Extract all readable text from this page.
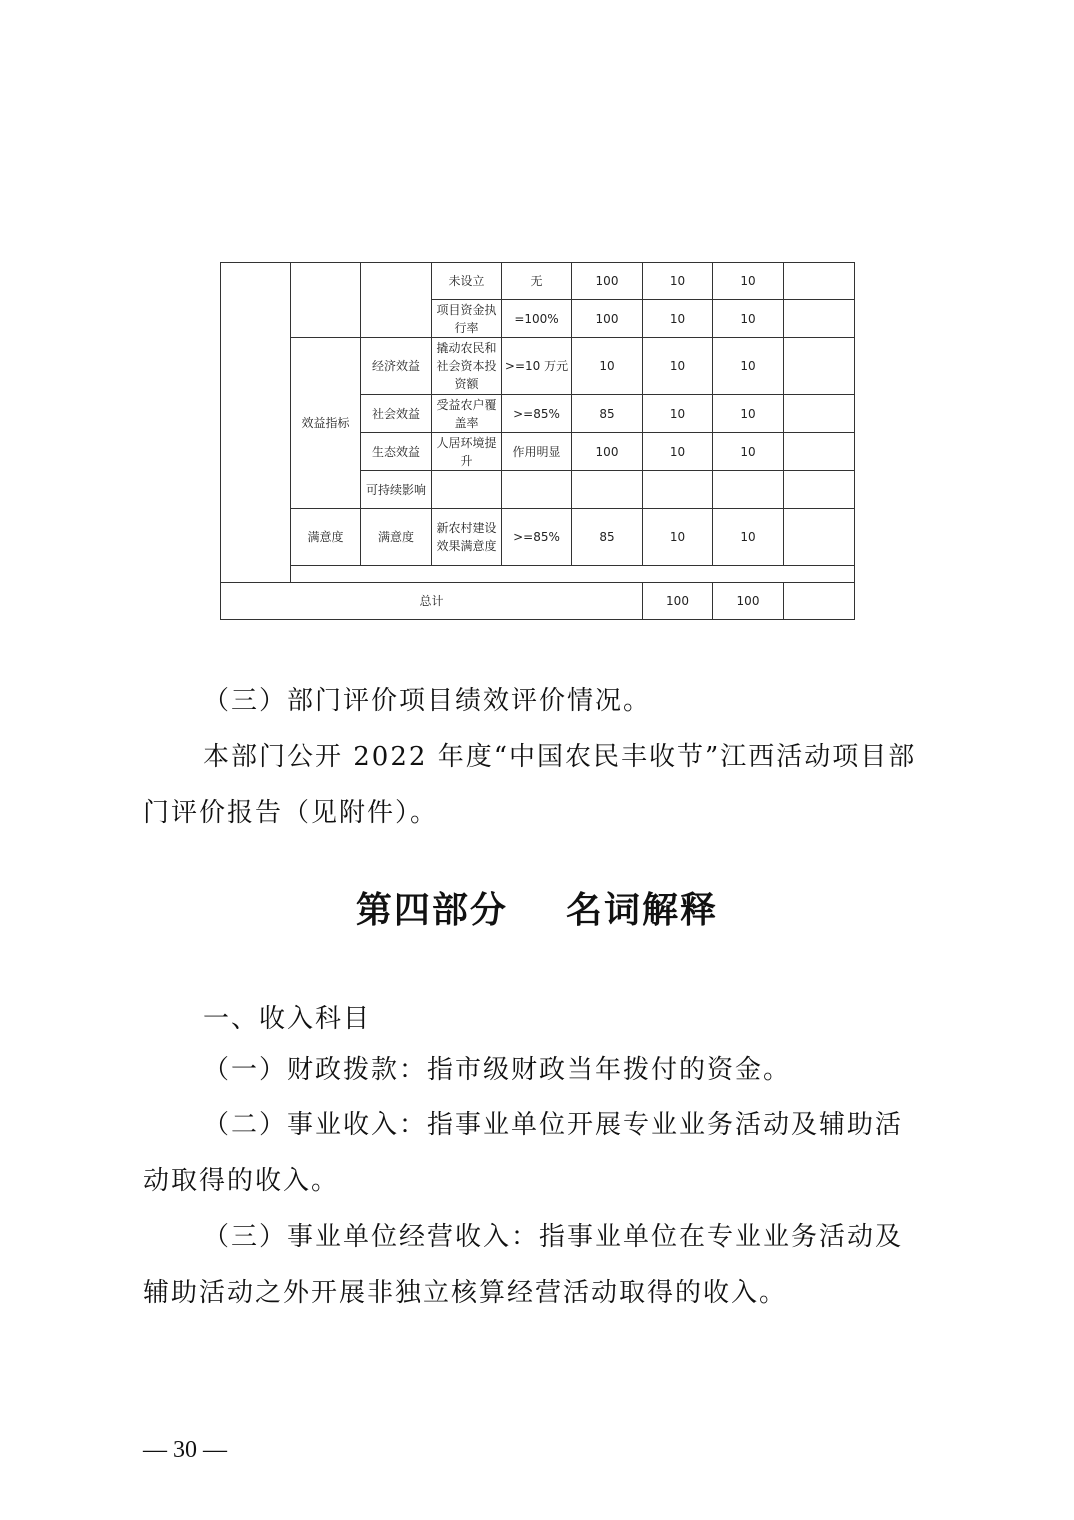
			未设立	无	100	10	10	
			项目资金执行率	=100%	100	10	10	
	效益指标	经济效益	撬动农民和社会资本投资额	>=10 万元	10	10	10	
		社会效益	受益农户覆盖率	>=85%	85	10	10	
		生态效益	人居环境提升	作用明显	100	10	10	
		可持续影响						
	满意度	满意度	新农村建设效果满意度	>=85%	85	10	10	

总计						100	100	

（三）部门评价项目绩效评价情况。

本部门公开 2022 年度“中国农民丰收节”江西活动项目部

门评价报告（见附件）。

第四部分    名词解释

一、收入科目

（一）财政拨款：指市级财政当年拨付的资金。

（二）事业收入：指事业单位开展专业业务活动及辅助活

动取得的收入。

（三）事业单位经营收入：指事业单位在专业业务活动及

辅助活动之外开展非独立核算经营活动取得的收入。

— 30 —
